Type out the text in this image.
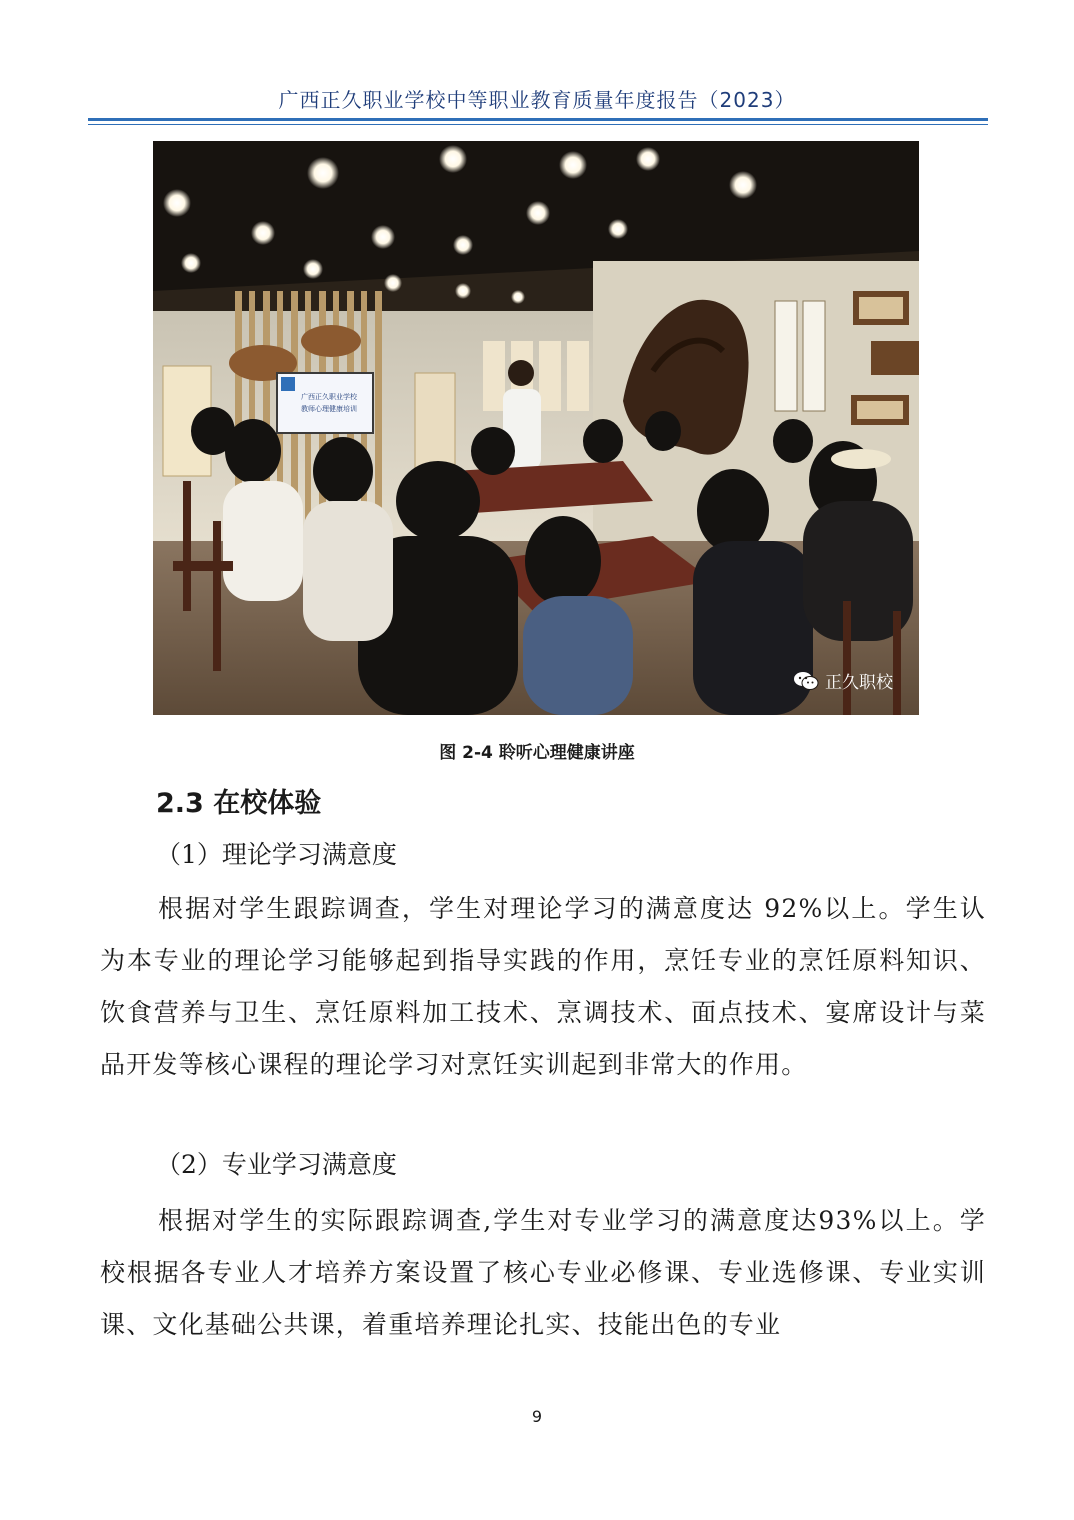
广西正久职业学校中等职业教育质量年度报告（2023）
广西正久职业学校
教师心理健康培训
正久职校
图 2-4 聆听心理健康讲座
2.3 在校体验
（1）理论学习满意度

根据对学生跟踪调查，学生对理论学习的满意度达 92%以上。学生认为本专业的理论学习能够起到指导实践的作用，烹饪专业的烹饪原料知识、饮食营养与卫生、烹饪原料加工技术、烹调技术、面点技术、宴席设计与菜品开发等核心课程的理论学习对烹饪实训起到非常大的作用。

（2）专业学习满意度

根据对学生的实际跟踪调查,学生对专业学习的满意度达93%以上。学校根据各专业人才培养方案设置了核心专业必修课、专业选修课、专业实训课、文化基础公共课，着重培养理论扎实、技能出色的专业

9
